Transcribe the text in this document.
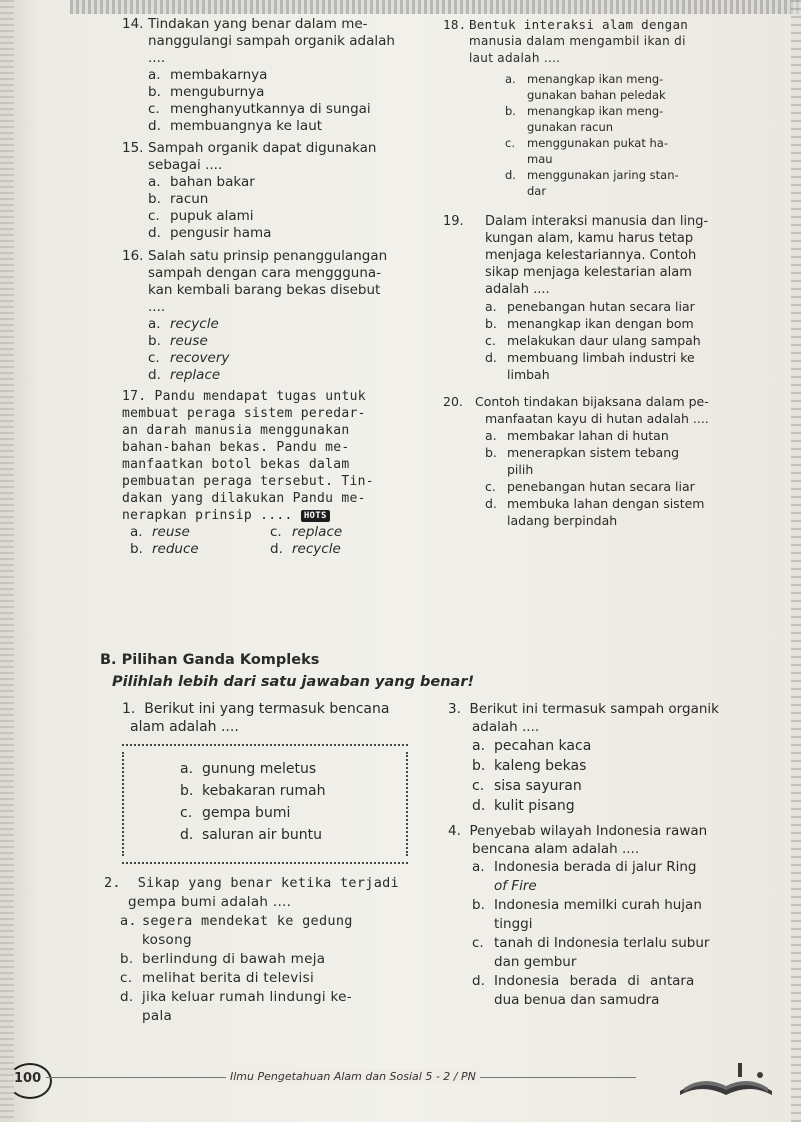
14. Tindakan yang benar dalam me-

nanggulangi sampah organik adalah

....

a. membakarnya
b. menguburnya
c. menghanyutkannya di sungai
d. membuangnya ke laut
15. Sampah organik dapat digunakan

sebagai ....

a. bahan bakar
b. racun
c. pupuk alami
d. pengusir hama
16. Salah satu prinsip penanggulangan

sampah dengan cara menggguna-

kan kembali barang bekas disebut

....

a. recycle
b. reuse
c. recovery
d. replace

17. Pandu mendapat tugas untuk

membuat peraga sistem peredar-

an darah manusia menggunakan

bahan-bahan bekas. Pandu me-

manfaatkan botol bekas dalam

pembuatan peraga tersebut. Tin-

dakan yang dilakukan Pandu me-

nerapkan prinsip .... HOTS

a. reuse	c. replace
b. reduce	d. recycle
18. Bentuk interaksi alam dengan

manusia dalam mengambil ikan di

laut adalah ....

a. menangkap ikan meng-

gunakan bahan peledak

b. menangkap ikan meng-

gunakan racun

c. menggunakan pukat ha-

mau

d. menggunakan jaring stan-

dar

19. Dalam interaksi manusia dan ling-

kungan alam, kamu harus tetap

menjaga kelestariannya. Contoh

sikap menjaga kelestarian alam

adalah ....

a. penebangan hutan secara liar
b. menangkap ikan dengan bom
c. melakukan daur ulang sampah
d. membuang limbah industri ke

limbah

20. Contoh tindakan bijaksana dalam pe-

manfaatan kayu di hutan adalah ....

a. membakar lahan di hutan
b. menerapkan sistem tebang

pilih

c. penebangan hutan secara liar
d. membuka lahan dengan sistem

ladang berpindah

B. Pilihan Ganda Kompleks
Pilihlah lebih dari satu jawaban yang benar!

1. Berikut ini yang termasuk bencana

alam adalah ....

a. gunung meletus
b. kebakaran rumah
c. gempa bumi
d. saluran air buntu

2. Sikap yang benar ketika terjadi

gempa bumi adalah ....

a. segera mendekat ke gedung

kosong

b. berlindung di bawah meja
c. melihat berita di televisi
d. jika keluar rumah lindungi ke-

pala

3. Berikut ini termasuk sampah organik

adalah ....

a. pecahan kaca
b. kaleng bekas
c. sisa sayuran
d. kulit pisang

4. Penyebab wilayah Indonesia rawan

bencana alam adalah ....

a. Indonesia berada di jalur Ring

of Fire

b. Indonesia memilki curah hujan

tinggi

c. tanah di Indonesia terlalu subur

dan gembur

d. Indonesia berada di antara

dua benua dan samudra

100	Ilmu Pengetahuan Alam dan Sosial 5 - 2 / PN
